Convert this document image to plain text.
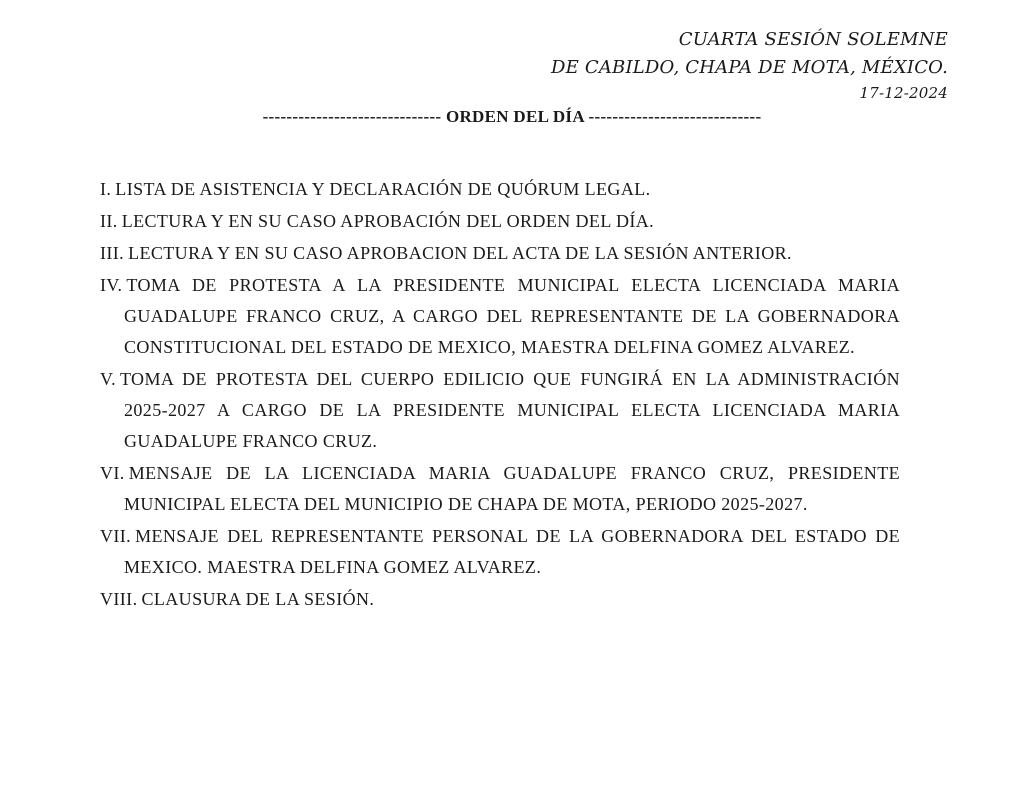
CUARTA SESIÓN SOLEMNE
DE CABILDO, CHAPA DE MOTA, MÉXICO.
17-12-2024
------------------------------ ORDEN DEL DÍA -----------------------------
I. LISTA DE ASISTENCIA Y DECLARACIÓN DE QUÓRUM LEGAL.
II. LECTURA Y EN SU CASO APROBACIÓN DEL ORDEN DEL DÍA.
III. LECTURA Y EN SU CASO APROBACION DEL ACTA DE LA SESIÓN ANTERIOR.
IV. TOMA DE PROTESTA A LA PRESIDENTE MUNICIPAL ELECTA LICENCIADA MARIA GUADALUPE FRANCO CRUZ, A CARGO DEL REPRESENTANTE DE LA GOBERNADORA CONSTITUCIONAL DEL ESTADO DE MEXICO, MAESTRA DELFINA GOMEZ ALVAREZ.
V. TOMA DE PROTESTA DEL CUERPO EDILICIO QUE FUNGIRÁ EN LA ADMINISTRACIÓN 2025-2027 A CARGO DE LA PRESIDENTE MUNICIPAL ELECTA LICENCIADA MARIA GUADALUPE FRANCO CRUZ.
VI. MENSAJE DE LA LICENCIADA MARIA GUADALUPE FRANCO CRUZ, PRESIDENTE MUNICIPAL ELECTA DEL MUNICIPIO DE CHAPA DE MOTA, PERIODO 2025-2027.
VII. MENSAJE DEL REPRESENTANTE PERSONAL DE LA GOBERNADORA DEL ESTADO DE MEXICO. MAESTRA DELFINA GOMEZ ALVAREZ.
VIII. CLAUSURA DE LA SESIÓN.
